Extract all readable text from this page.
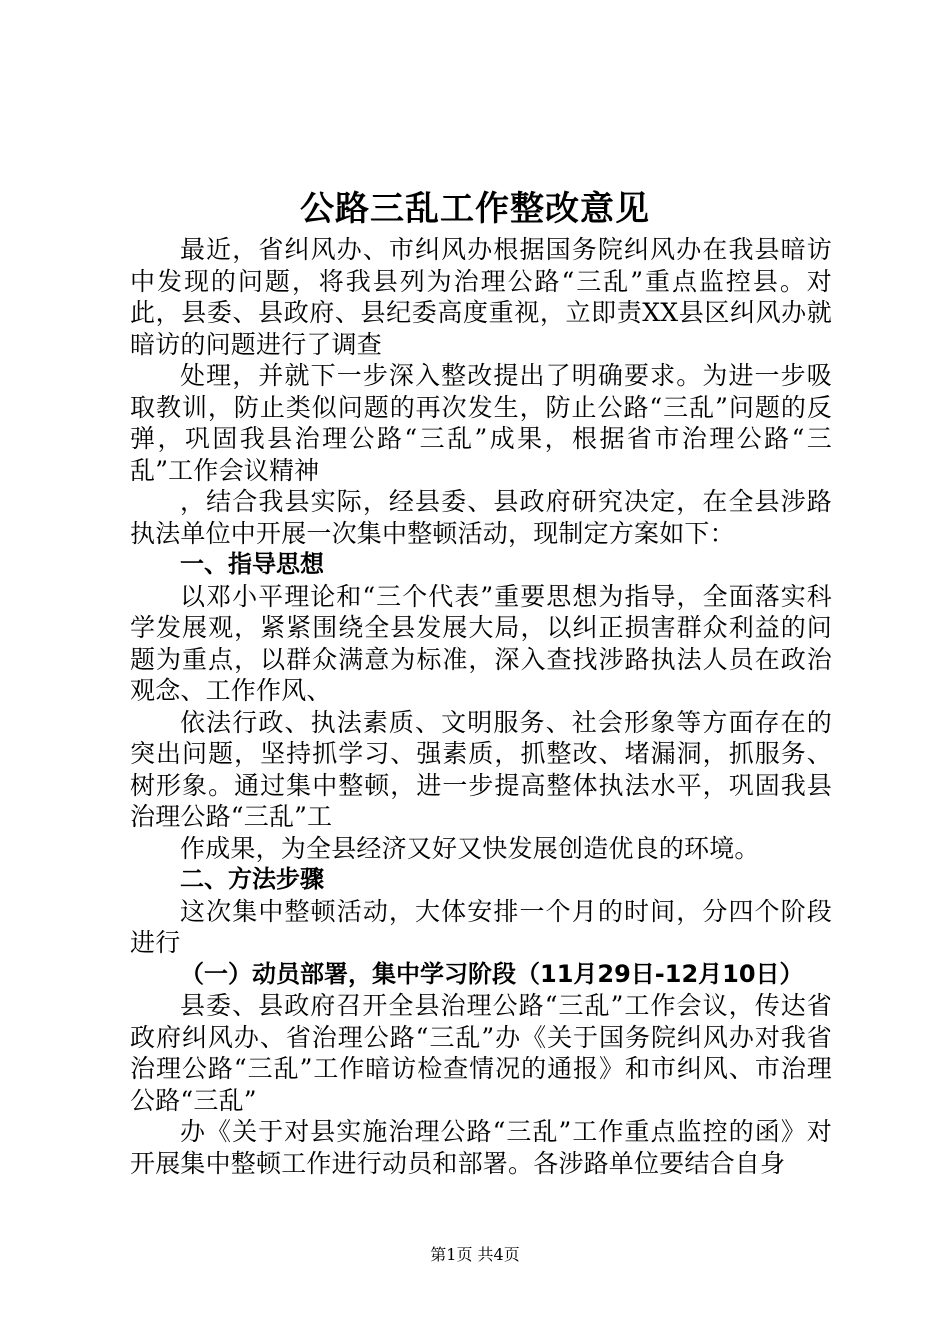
公路三乱工作整改意见

最近，省纠风办、市纠风办根据国务院纠风办在我县暗访中发现的问题，将我县列为治理公路“三乱”重点监控县。对此，县委、县政府、县纪委高度重视，立即责XX县区纠风办就暗访的问题进行了调查

处理，并就下一步深入整改提出了明确要求。为进一步吸取教训，防止类似问题的再次发生，防止公路“三乱”问题的反弹，巩固我县治理公路“三乱”成果，根据省市治理公路“三乱”工作会议精神

，结合我县实际，经县委、县政府研究决定，在全县涉路执法单位中开展一次集中整顿活动，现制定方案如下：

一、指导思想

以邓小平理论和“三个代表”重要思想为指导，全面落实科学发展观，紧紧围绕全县发展大局，以纠正损害群众利益的问题为重点，以群众满意为标准，深入查找涉路执法人员在政治观念、工作作风、

依法行政、执法素质、文明服务、社会形象等方面存在的突出问题，坚持抓学习、强素质，抓整改、堵漏洞，抓服务、树形象。通过集中整顿，进一步提高整体执法水平，巩固我县治理公路“三乱”工

作成果，为全县经济又好又快发展创造优良的环境。

二、方法步骤

这次集中整顿活动，大体安排一个月的时间，分四个阶段进行

（一）动员部署，集中学习阶段（11月29日-12月10日）

县委、县政府召开全县治理公路“三乱”工作会议，传达省政府纠风办、省治理公路“三乱”办《关于国务院纠风办对我省治理公路“三乱”工作暗访检查情况的通报》和市纠风、市治理公路“三乱”

办《关于对县实施治理公路“三乱”工作重点监控的函》对开展集中整顿工作进行动员和部署。各涉路单位要结合自身

第1页 共4页
